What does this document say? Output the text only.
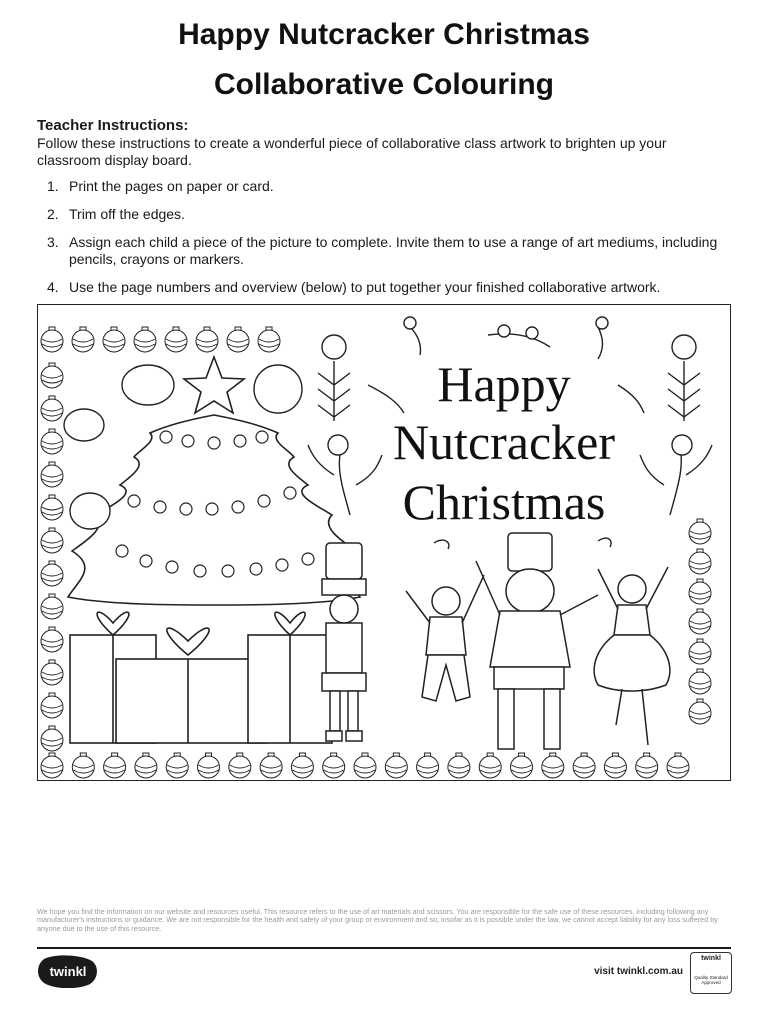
Happy Nutcracker Christmas
Collaborative Colouring
Teacher Instructions:
Follow these instructions to create a wonderful piece of collaborative class artwork to brighten up your classroom display board.
1. Print the pages on paper or card.
2. Trim off the edges.
3. Assign each child a piece of the picture to complete. Invite them to use a range of art mediums, including pencils, crayons or markers.
4. Use the page numbers and overview (below) to put together your finished collaborative artwork.
Happy
Nutcracker
Christmas
We hope you find the information on our website and resources useful. This resource refers to the use of art materials and scissors. You are responsible for the safe use of these resources, including following any manufacturer's instructions or guidance. We are not responsible for the health and safety of your group or environment and so, insofar as it is possible under the law, we cannot accept liability for any loss suffered by anyone due to the use of this resource.
twinkl	visit twinkl.com.au
twinkl
Quality Standard Approved
